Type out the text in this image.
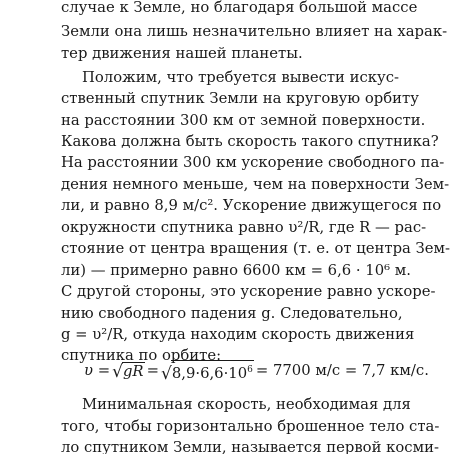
случае к Земле, но благодаря большой массе
Земли она лишь незначительно влияет на харак-
тер движения нашей планеты.
Положим, что требуется вывести искус-
ственный спутник Земли на круговую орбиту
на расстоянии 300 км от земной поверхности.
Какова должна быть скорость такого спутника?
На расстоянии 300 км ускорение свободного па-
дения немного меньше, чем на поверхности Зем-
ли, и равно 8,9 м/с². Ускорение движущегося по
окружности спутника равно υ²/R, где R — рас-
стояние от центра вращения (т. е. от центра Зем-
ли) — примерно равно 6600 км = 6,6 · 10⁶ м.
С другой стороны, это ускорение равно ускоре-
нию свободного падения g. Следовательно,
g = υ²/R, откуда находим скорость движения
спутника по орбите:
υ = √ gR = √ $8,9\cdot 6,6\cdot 10^6 = 7700$ м/с = 7,7 км/с.
Минимальная скорость, необходимая для
того, чтобы горизонтально брошенное тело ста-
ло спутником Земли, называется первой косми-
